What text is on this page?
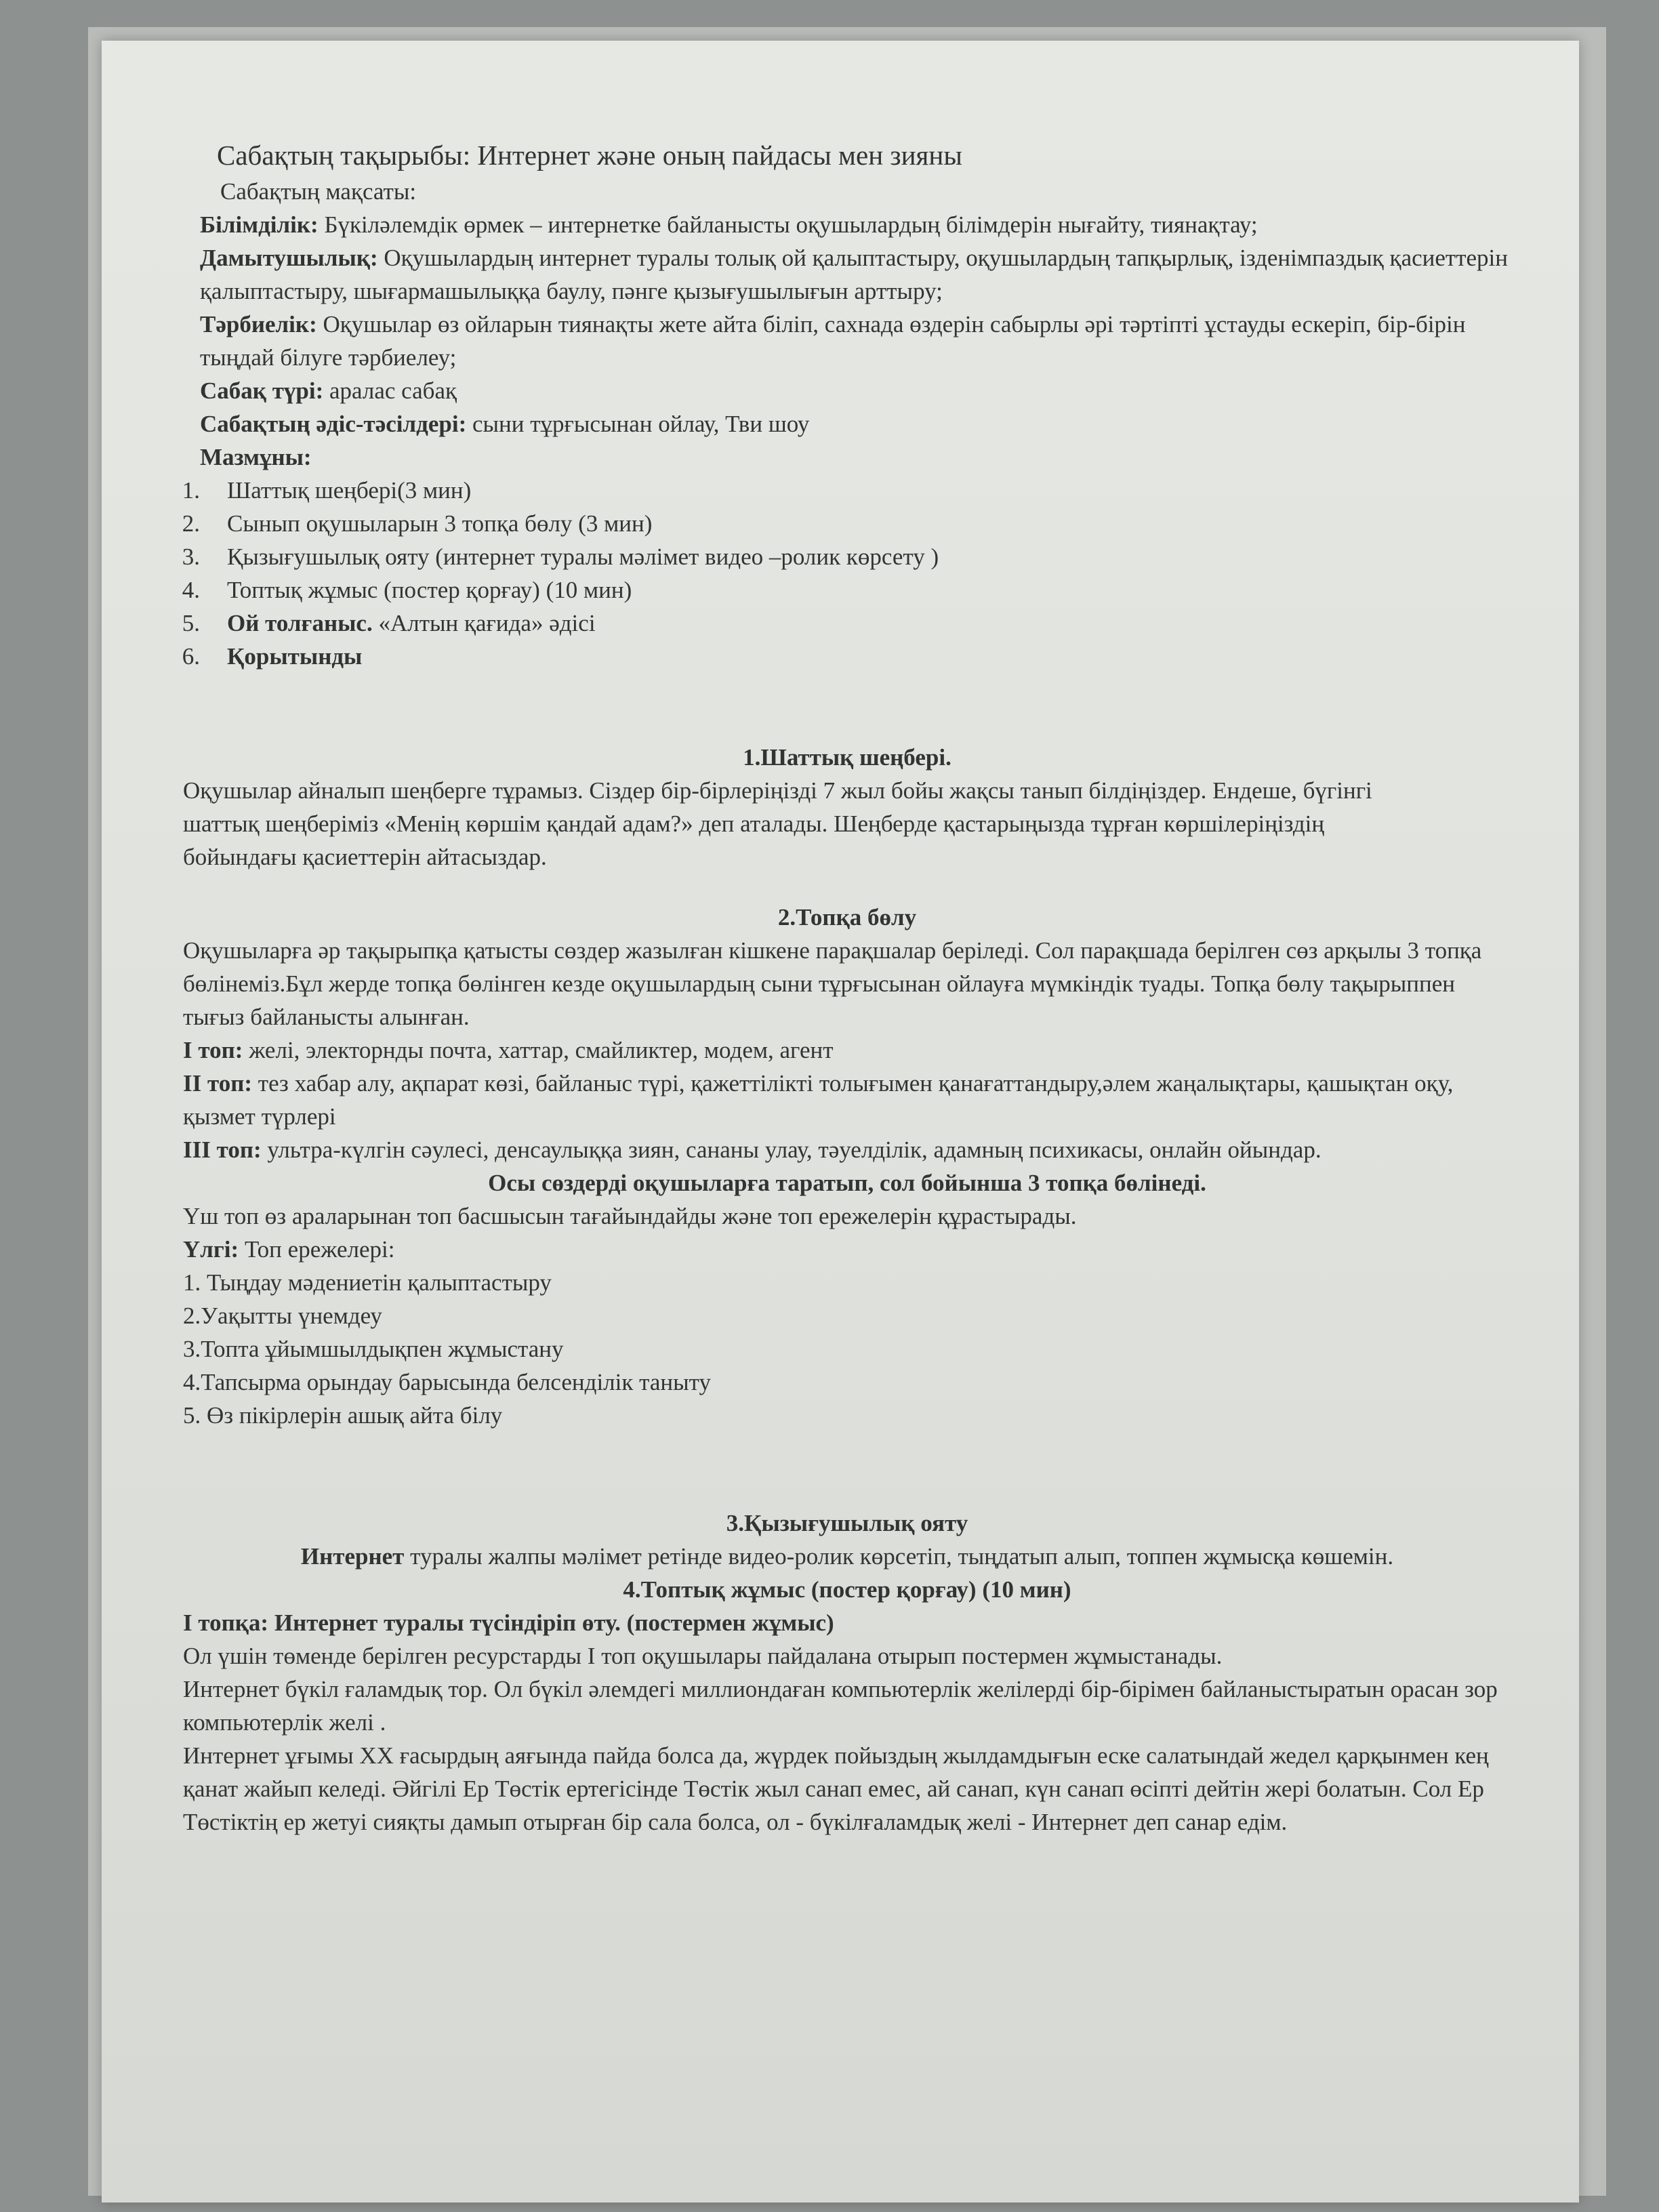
Сабақтың тақырыбы: Интернет және оның пайдасы мен зияны
Сабақтың мақсаты:
Білімділік: Бүкіләлемдік өрмек – интернетке байланысты оқушылардың білімдерін нығайту, тиянақтау;
Дамытушылық: Оқушылардың интернет туралы толық ой қалыптастыру, оқушылардың тапқырлық, ізденімпаздық қасиеттерін қалыптастыру, шығармашылыққа баулу, пәнге қызығушылығын арттыру;
Тәрбиелік: Оқушылар өз ойларын тиянақты жете айта біліп, сахнада өздерін сабырлы әрі тәртіпті ұстауды ескеріп, бір-бірін тыңдай білуге тәрбиелеу;
Сабақ түрі: аралас сабақ
Сабақтың әдіс-тәсілдері: сыни тұрғысынан ойлау, Тви шоу
Мазмұны:
1. Шаттық шеңбері(3 мин)
2. Сынып оқушыларын 3 топқа бөлу (3 мин)
3. Қызығушылық ояту (интернет туралы мәлімет видео –ролик көрсету )
4. Топтық жұмыс (постер қорғау) (10 мин)
5. Ой толғаныс. «Алтын қағида» әдісі
6. Қорытынды
1.Шаттық шеңбері.
Оқушылар айналып шеңберге тұрамыз. Сіздер бір-бірлеріңізді 7 жыл бойы жақсы танып білдіңіздер. Ендеше, бүгінгі шаттық шеңберіміз «Менің көршім қандай адам?» деп аталады. Шеңберде қастарыңызда тұрған көршілеріңіздің бойындағы қасиеттерін айтасыздар.
2.Топқа бөлу
Оқушыларға әр тақырыпқа қатысты сөздер жазылған кішкене парақшалар беріледі. Сол парақшада берілген сөз арқылы 3 топқа бөлінеміз.Бұл жерде топқа бөлінген кезде оқушылардың сыни тұрғысынан ойлауға мүмкіндік туады. Топқа бөлу тақырыппен тығыз байланысты алынған.
І топ: желі, электорнды почта, хаттар, смайликтер, модем, агент
ІІ топ: тез хабар алу, ақпарат көзі, байланыс түрі, қажеттілікті толығымен қанағаттандыру,әлем жаңалықтары, қашықтан оқу, қызмет түрлері
ІІІ топ: ультра-күлгін сәулесі, денсаулыққа зиян, сананы улау, тәуелділік, адамның психикасы, онлайн ойындар.
Осы сөздерді оқушыларға таратып, сол бойынша 3 топқа бөлінеді.
Үш топ өз араларынан топ басшысын тағайындайды және топ ережелерін құрастырады.
Үлгі: Топ ережелері:
1. Тыңдау мәдениетін қалыптастыру
2.Уақытты үнемдеу
3.Топта ұйымшылдықпен жұмыстану
4.Тапсырма орындау барысында белсенділік таныту
5. Өз пікірлерін ашық айта білу
3.Қызығушылық ояту
Интернет туралы жалпы мәлімет ретінде видео-ролик көрсетіп, тыңдатып алып, топпен жұмысқа көшемін.
4.Топтық жұмыс (постер қорғау) (10 мин)
І топқа: Интернет туралы түсіндіріп өту. (постермен жұмыс)
Ол үшін төменде берілген ресурстарды І топ оқушылары пайдалана отырып постермен жұмыстанады.
Интернет бүкіл ғаламдық тор. Ол бүкіл әлемдегі миллиондаған компьютерлік желілерді бір-бірімен байланыстыратын орасан зор компьютерлік желі .
Интернет ұғымы XX ғасырдың аяғында пайда болса да, жүрдек пойыздың жылдамдығын еске салатындай жедел қарқынмен кең қанат жайып келеді. Әйгілі Ер Төстік ертегісінде Төстік жыл санап емес, ай санап, күн санап өсіпті дейтін жері болатын. Сол Ер Төстіктің ер жетуі сияқты дамып отырған бір сала болса, ол - бүкілғаламдық желі - Интернет деп санар едім.
